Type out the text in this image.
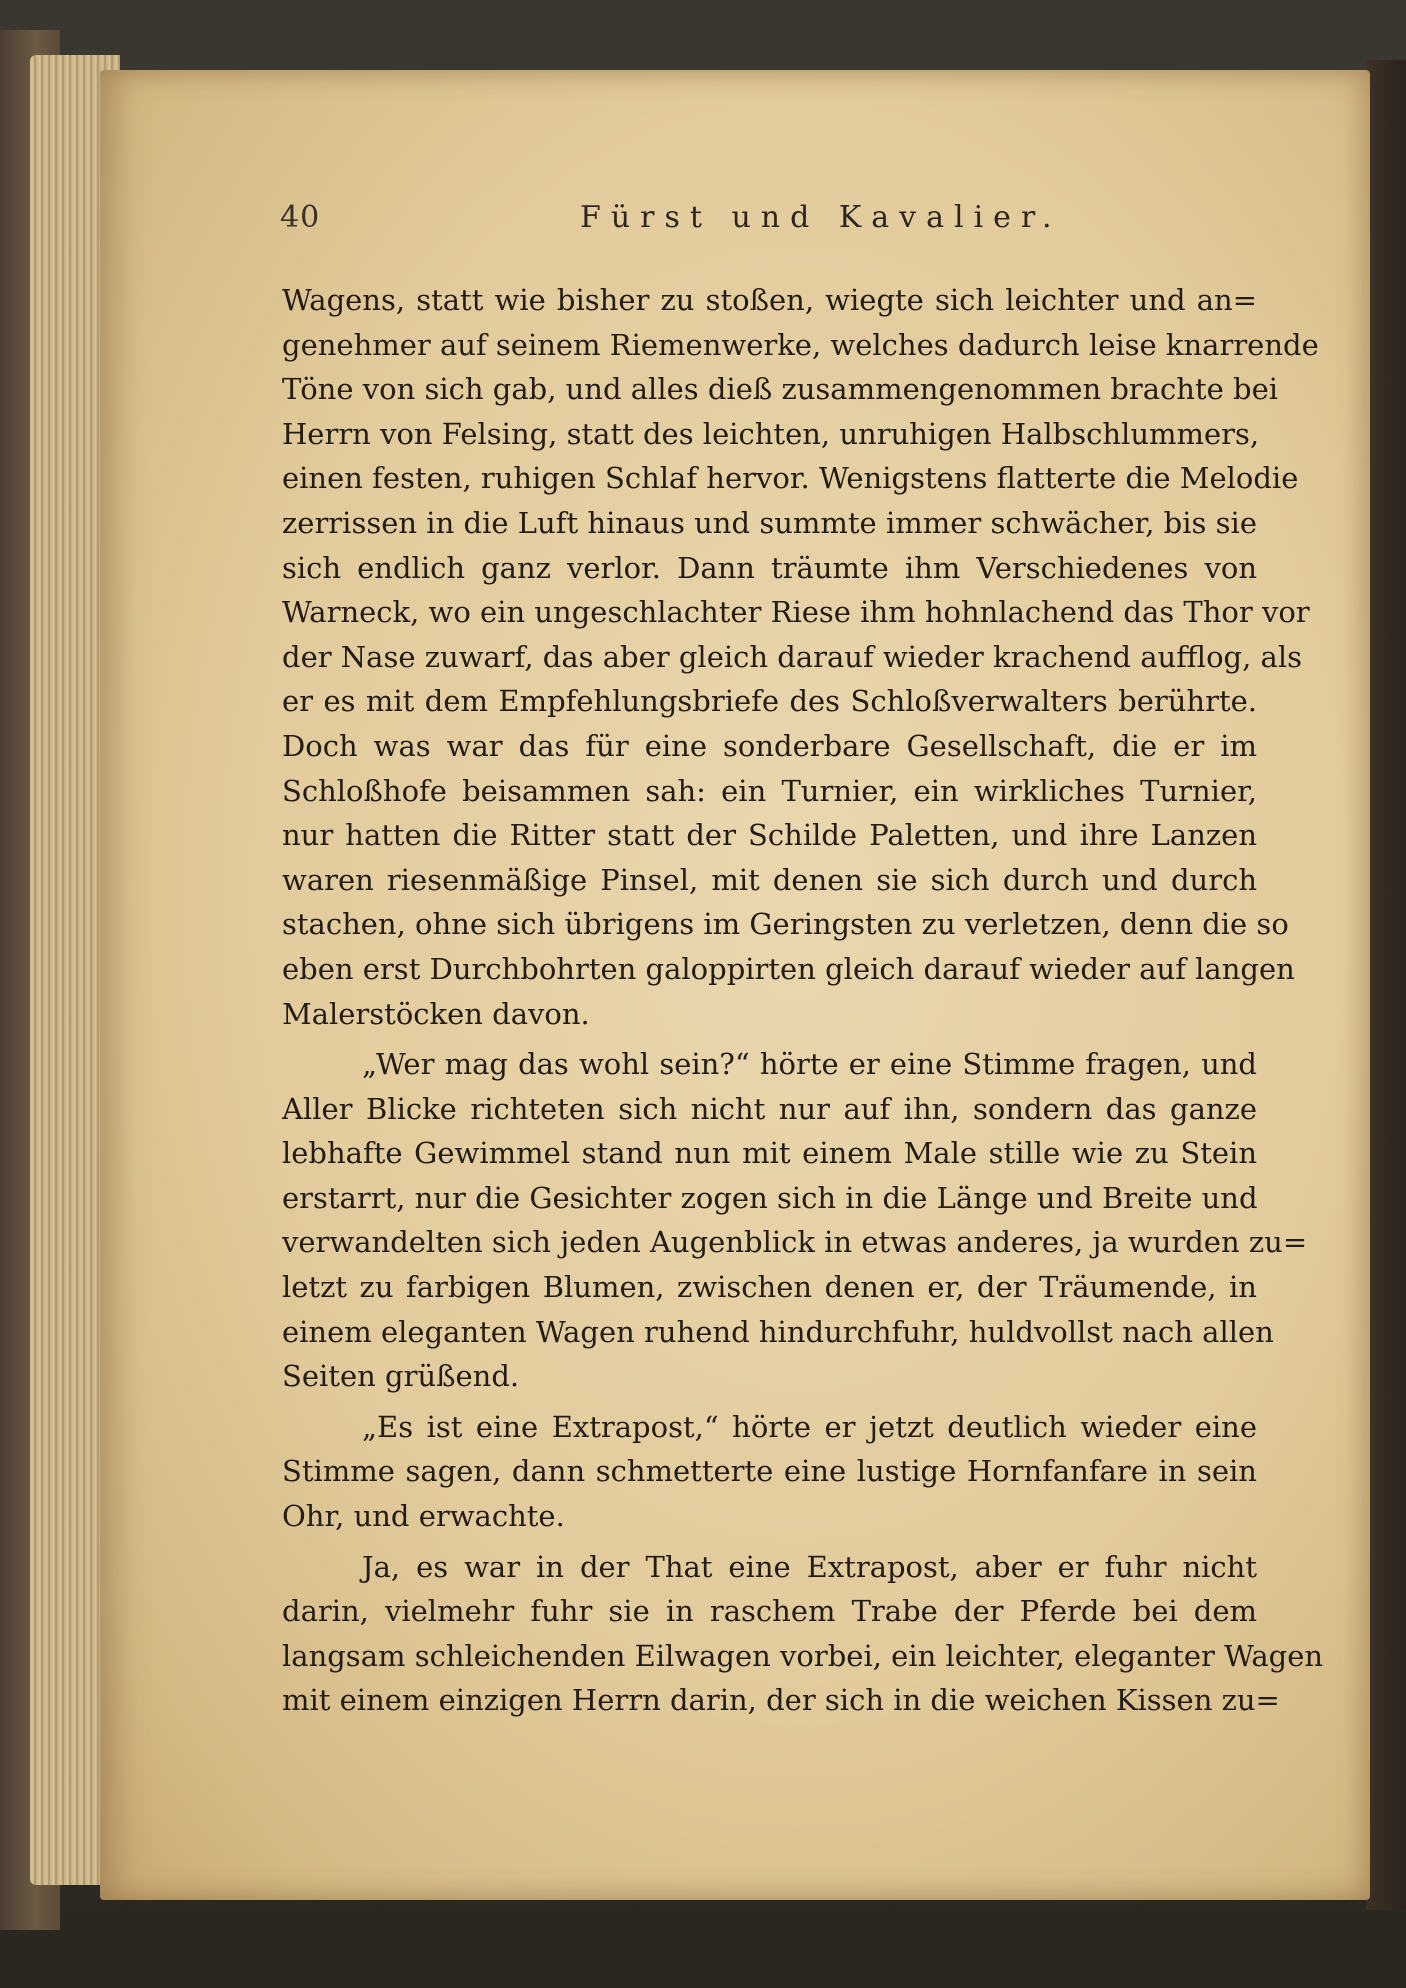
40	Fürst und Kavalier.
Wagens, statt wie bisher zu stoßen, wiegte sich leichter und an=
genehmer auf seinem Riemenwerke, welches dadurch leise knarrende
Töne von sich gab, und alles dieß zusammengenommen brachte bei
Herrn von Felsing, statt des leichten, unruhigen Halbschlummers,
einen festen, ruhigen Schlaf hervor. Wenigstens flatterte die Melodie
zerrissen in die Luft hinaus und summte immer schwächer, bis sie
sich endlich ganz verlor. Dann träumte ihm Verschiedenes von
Warneck, wo ein ungeschlachter Riese ihm hohnlachend das Thor vor
der Nase zuwarf, das aber gleich darauf wieder krachend aufflog, als
er es mit dem Empfehlungsbriefe des Schloßverwalters berührte.
Doch was war das für eine sonderbare Gesellschaft, die er im
Schloßhofe beisammen sah: ein Turnier, ein wirkliches Turnier,
nur hatten die Ritter statt der Schilde Paletten, und ihre Lanzen
waren riesenmäßige Pinsel, mit denen sie sich durch und durch
stachen, ohne sich übrigens im Geringsten zu verletzen, denn die so
eben erst Durchbohrten galoppirten gleich darauf wieder auf langen
Malerstöcken davon.
„Wer mag das wohl sein?“ hörte er eine Stimme fragen, und
Aller Blicke richteten sich nicht nur auf ihn, sondern das ganze
lebhafte Gewimmel stand nun mit einem Male stille wie zu Stein
erstarrt, nur die Gesichter zogen sich in die Länge und Breite und
verwandelten sich jeden Augenblick in etwas anderes, ja wurden zu=
letzt zu farbigen Blumen, zwischen denen er, der Träumende, in
einem eleganten Wagen ruhend hindurchfuhr, huldvollst nach allen
Seiten grüßend.
„Es ist eine Extrapost,“ hörte er jetzt deutlich wieder eine
Stimme sagen, dann schmetterte eine lustige Hornfanfare in sein
Ohr, und erwachte.
Ja, es war in der That eine Extrapost, aber er fuhr nicht
darin, vielmehr fuhr sie in raschem Trabe der Pferde bei dem
langsam schleichenden Eilwagen vorbei, ein leichter, eleganter Wagen
mit einem einzigen Herrn darin, der sich in die weichen Kissen zu=
